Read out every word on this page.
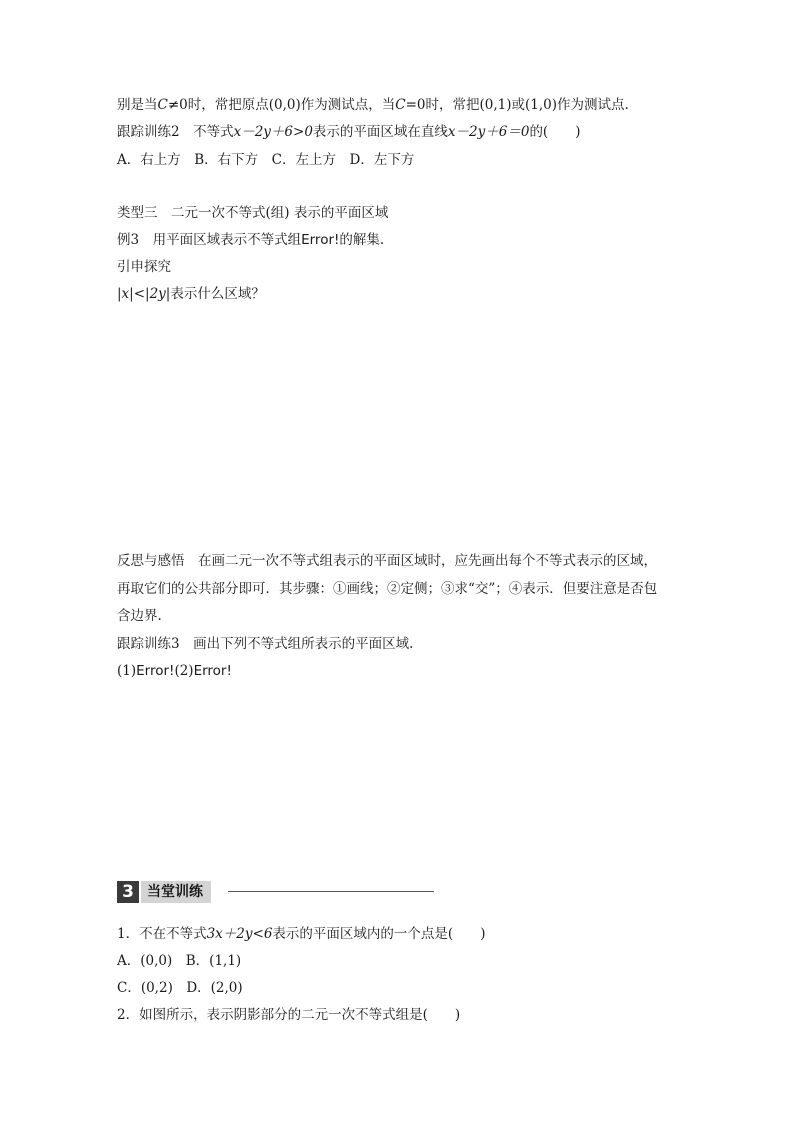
别是当C≠0时，常把原点(0,0)作为测试点，当C=0时，常把(0,1)或(1,0)作为测试点.
跟踪训练2　不等式x－2y＋6>0表示的平面区域在直线x－2y＋6＝0的(　　)
A．右上方　B．右下方　C．左上方　D．左下方
类型三　二元一次不等式(组) 表示的平面区域
例3　用平面区域表示不等式组Error!的解集.
引申探究
|x|<|2y|表示什么区域？
反思与感悟　在画二元一次不等式组表示的平面区域时，应先画出每个不等式表示的区域，
再取它们的公共部分即可．其步骤：①画线；②定侧；③求“交”；④表示．但要注意是否包
含边界.
跟踪训练3　画出下列不等式组所表示的平面区域.
(1)Error!(2)Error!
3 当堂训练
1．不在不等式3x＋2y<6表示的平面区域内的一个点是(　　)
A．(0,0)　B．(1,1)
C．(0,2)　D．(2,0)
2．如图所示，表示阴影部分的二元一次不等式组是(　　)
